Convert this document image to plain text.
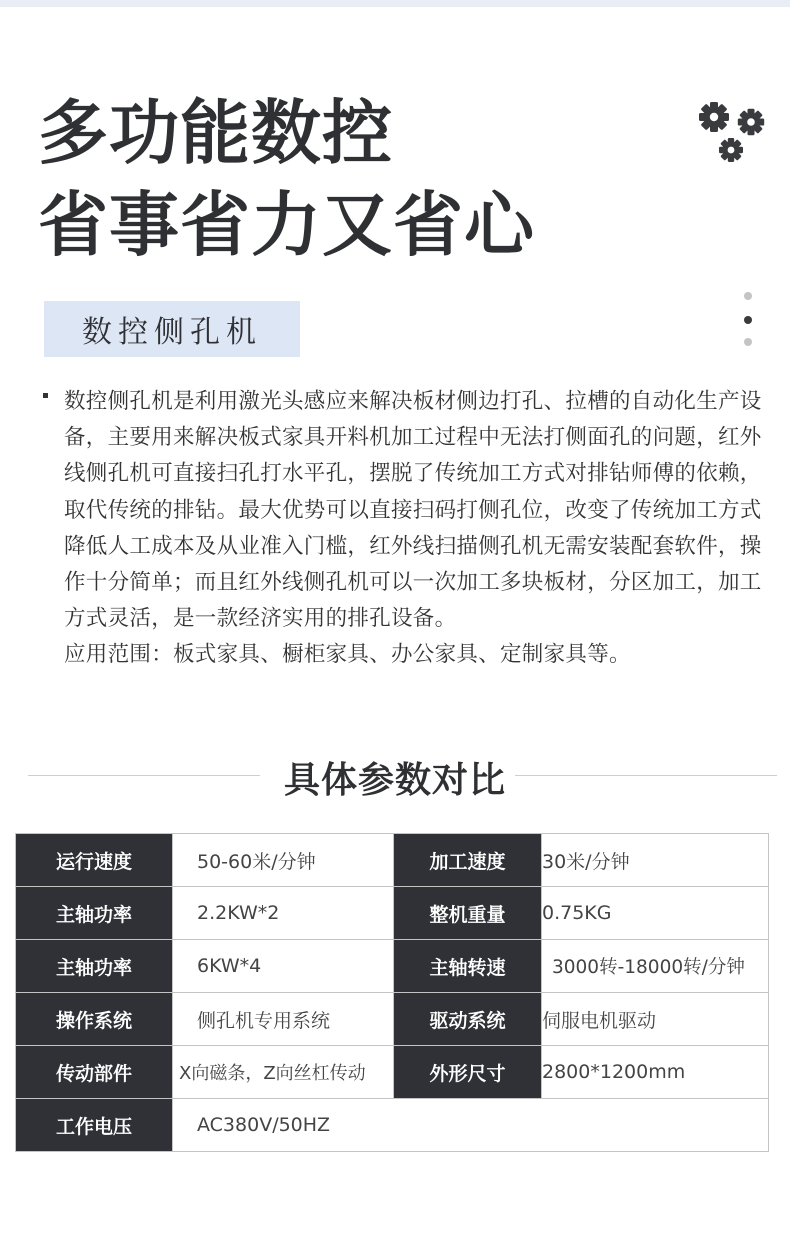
多功能数控
省事省力又省心
数控侧孔机

数控侧孔机是利用激光头感应来解决板材侧边打孔、拉槽的自动化生产设备，主要用来解决板式家具开料机加工过程中无法打侧面孔的问题，红外线侧孔机可直接扫孔打水平孔，摆脱了传统加工方式对排钻师傅的依赖，取代传统的排钻。最大优势可以直接扫码打侧孔位，改变了传统加工方式降低人工成本及从业准入门槛，红外线扫描侧孔机无需安装配套软件，操作十分简单；而且红外线侧孔机可以一次加工多块板材，分区加工，加工方式灵活，是一款经济实用的排孔设备。

应用范围：板式家具、橱柜家具、办公家具、定制家具等。

具体参数对比
运行速度	50-60米/分钟	加工速度	30米/分钟
主轴功率	2.2KW*2	整机重量	0.75KG
主轴功率	6KW*4	主轴转速	3000转-18000转/分钟
操作系统	侧孔机专用系统	驱动系统	伺服电机驱动
传动部件	X向磁条，Z向丝杠传动	外形尺寸	2800*1200mm
工作电压	AC380V/50HZ		
